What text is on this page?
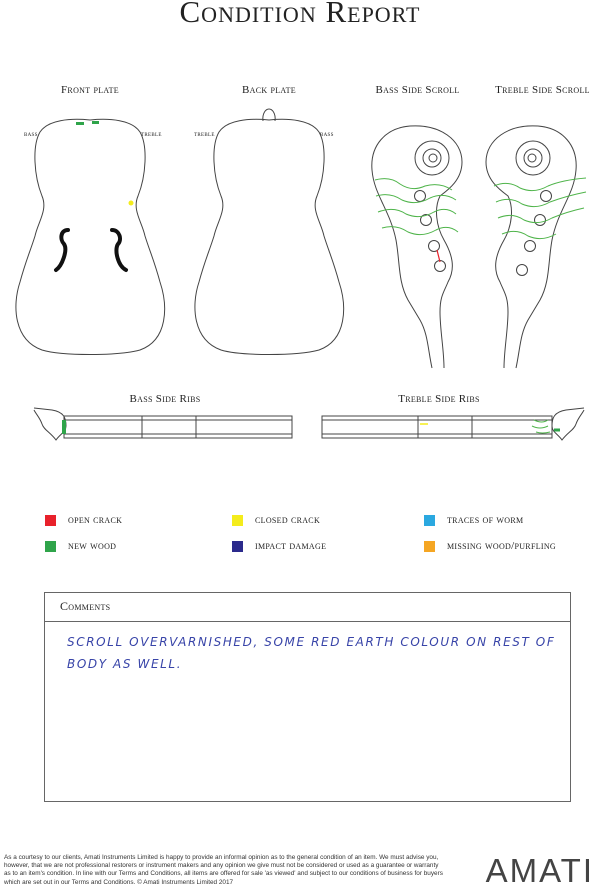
Condition Report
Front plate	Back plate	Bass Side Scroll	Treble Side Scroll
Bass Side Ribs	Treble Side Ribs
bass	treble	treble	bass
open crack	closed crack	traces of worm
new wood	impact damage	missing wood/purfling
Comments
SCROLL OVERVARNISHED, SOME RED EARTH COLOUR ON REST OF BODY AS WELL.
As a courtesy to our clients, Amati Instruments Limited is happy to provide an informal opinion as to the general condition of an item. We must advise you, however, that we are not professional restorers or instrument makers and any opinion we give must not be considered or used as a guarantee or warranty as to an item's condition. In line with our Terms and Conditions, all items are offered for sale 'as viewed' and subject to our conditions of business for buyers which are set out in our Terms and Conditions. © Amati Instruments Limited 2017	AMATI
